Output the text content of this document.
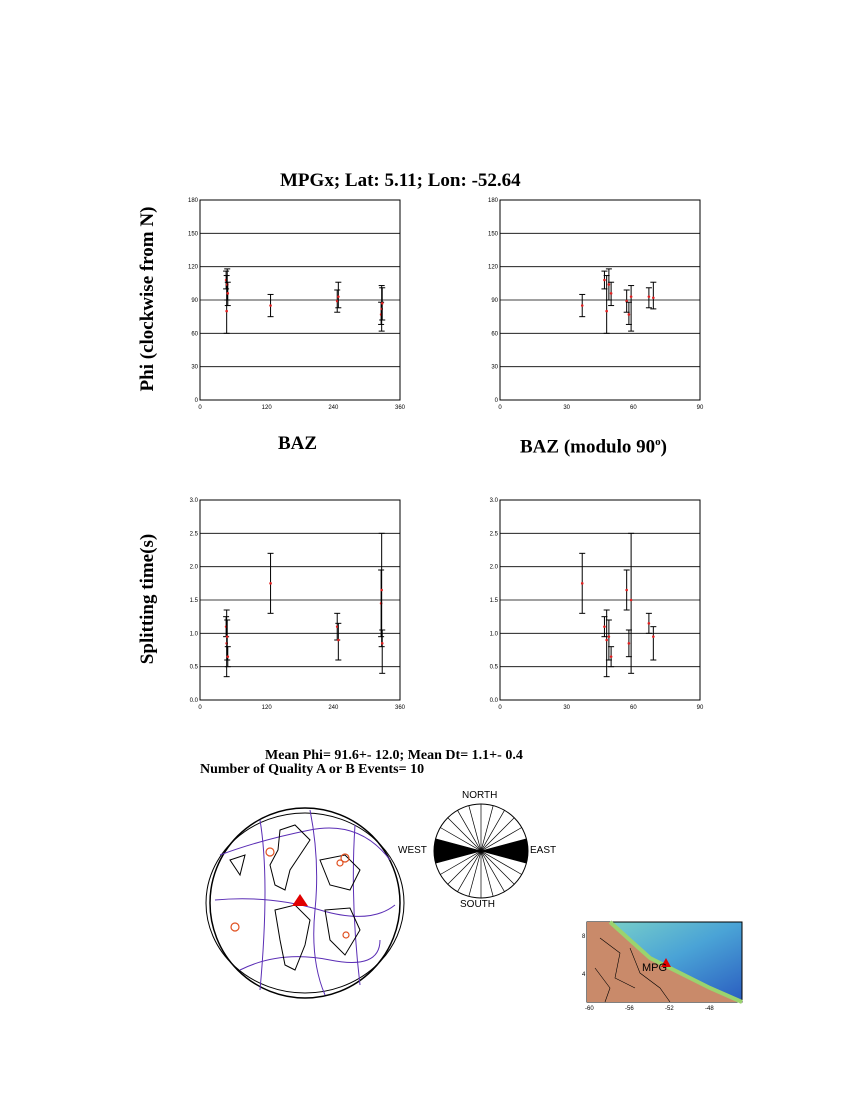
MPGx; Lat: 5.11; Lon: -52.64
Phi (clockwise from N)
Splitting time(s)
BAZ	BAZ (modulo 90$^o$)
0
30
60
90
120
150
180
0	120	240	360
0
30
60
90
120
150
180
0	30	60	90
0.0
0.5
1.0
1.5
2.0
2.5
3.0
0	120	240	360
0.0
0.5
1.0
1.5
2.0
2.5
3.0
0	30	60	90
Mean Phi= 91.6+- 12.0; Mean Dt= 1.1+- 0.4
Number of Quality A or B Events= 10
NORTH
SOUTH
WEST	EAST
MPG
8
4
-60	-56	-52	-48
